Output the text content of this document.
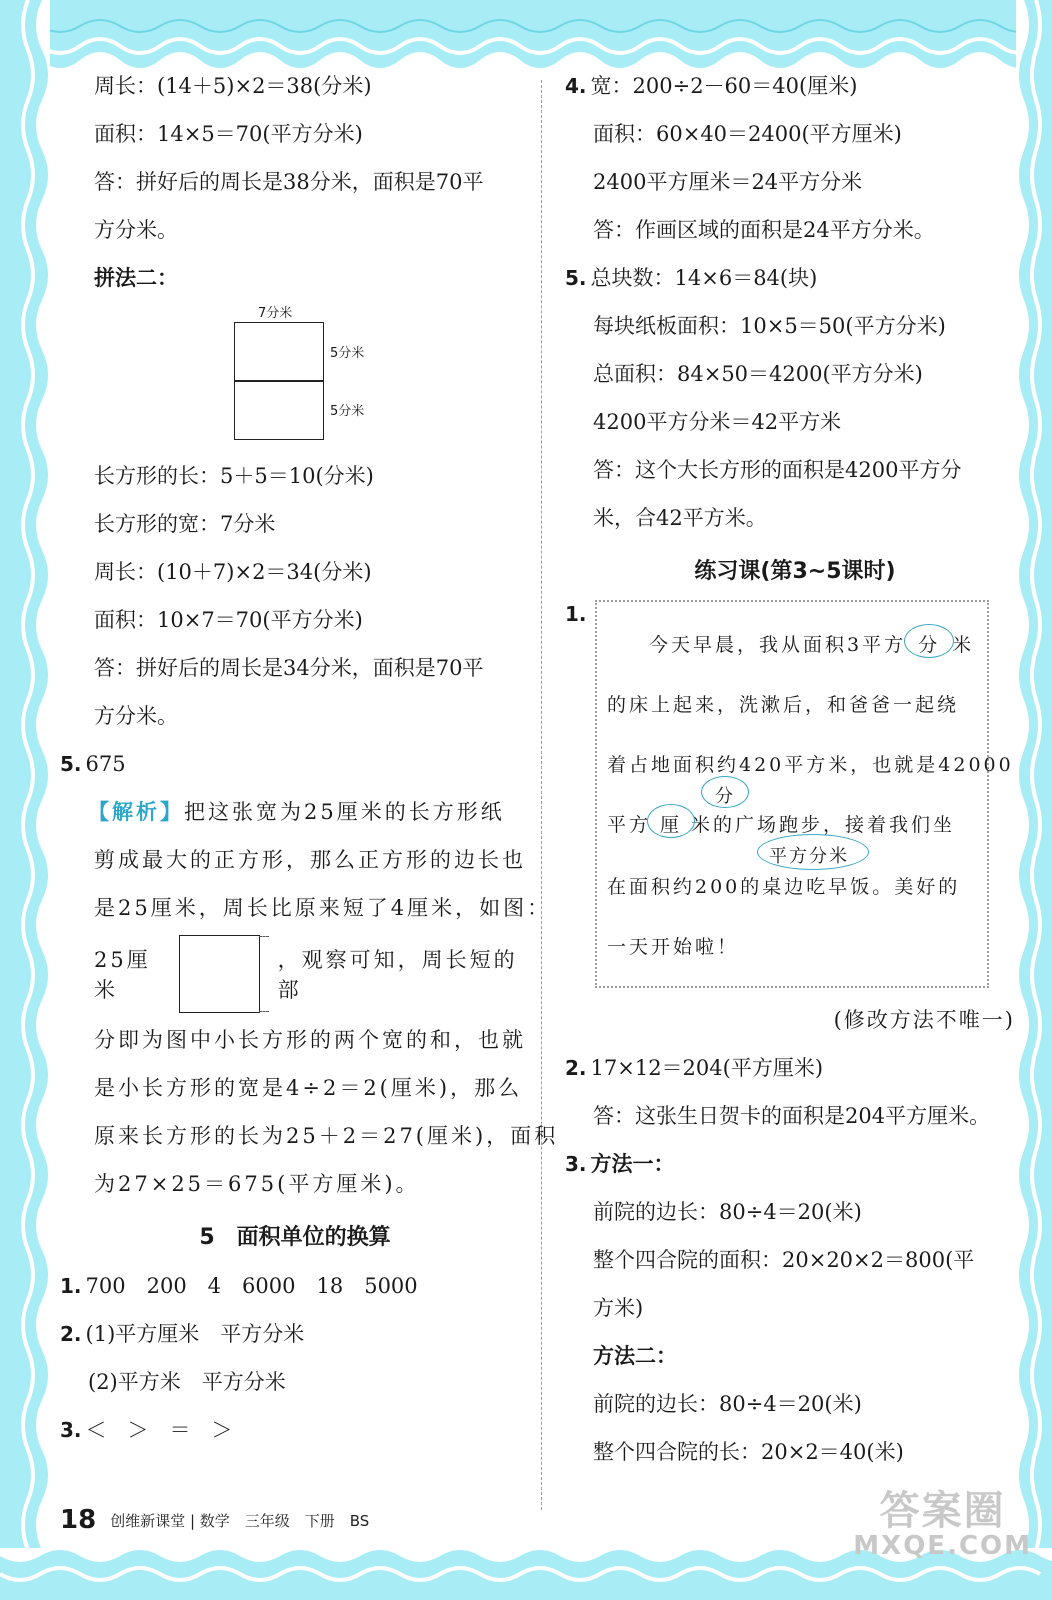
周长：(14＋5)×2＝38(分米)
面积：14×5＝70(平方分米)
答：拼好后的周长是38分米，面积是70平
方分米。
拼法二：
7分米
5分米
5分米
长方形的长：5＋5＝10(分米)
长方形的宽：7分米
周长：(10＋7)×2＝34(分米)
面积：10×7＝70(平方分米)
答：拼好后的周长是34分米，面积是70平
方分米。
5. 675
【解析】把这张宽为25厘米的长方形纸
剪成最大的正方形，那么正方形的边长也
是25厘米，周长比原来短了4厘米，如图：
25厘米
，观察可知，周长短的部
分即为图中小长方形的两个宽的和，也就
是小长方形的宽是4÷2＝2(厘米)，那么
原来长方形的长为25＋2＝27(厘米)，面积
为27×25＝675(平方厘米)。
5　面积单位的换算
1. 700　200　4　6000　18　5000
2. (1)平方厘米　平方分米
(2)平方米　平方分米
3. ＜　＞　＝　＞
4. 宽：200÷2－60＝40(厘米)
面积：60×40＝2400(平方厘米)
2400平方厘米＝24平方分米
答：作画区域的面积是24平方分米。
5. 总块数：14×6＝84(块)
每块纸板面积：10×5＝50(平方分米)
总面积：84×50＝4200(平方分米)
4200平方分米＝42平方米
答：这个大长方形的面积是4200平方分
米，合42平方米。
练习课(第3~5课时)
1.
今天早晨，我从面积3平方 分 米
的床上起来，洗漱后，和爸爸一起绕
着占地面积约420平方米，也就是42000
分
平方 厘 米的广场跑步，接着我们坐
平方分米
在面积约200的桌边吃早饭。美好的
一天开始啦！
(修改方法不唯一)
2. 17×12＝204(平方厘米)
答：这张生日贺卡的面积是204平方厘米。
3. 方法一：
前院的边长：80÷4＝20(米)
整个四合院的面积：20×20×2＝800(平
方米)
方法二：
前院的边长：80÷4＝20(米)
整个四合院的长：20×2＝40(米)
18 创维新课堂 | 数学　三年级　下册　BS	答案圈
MXQE.COM
